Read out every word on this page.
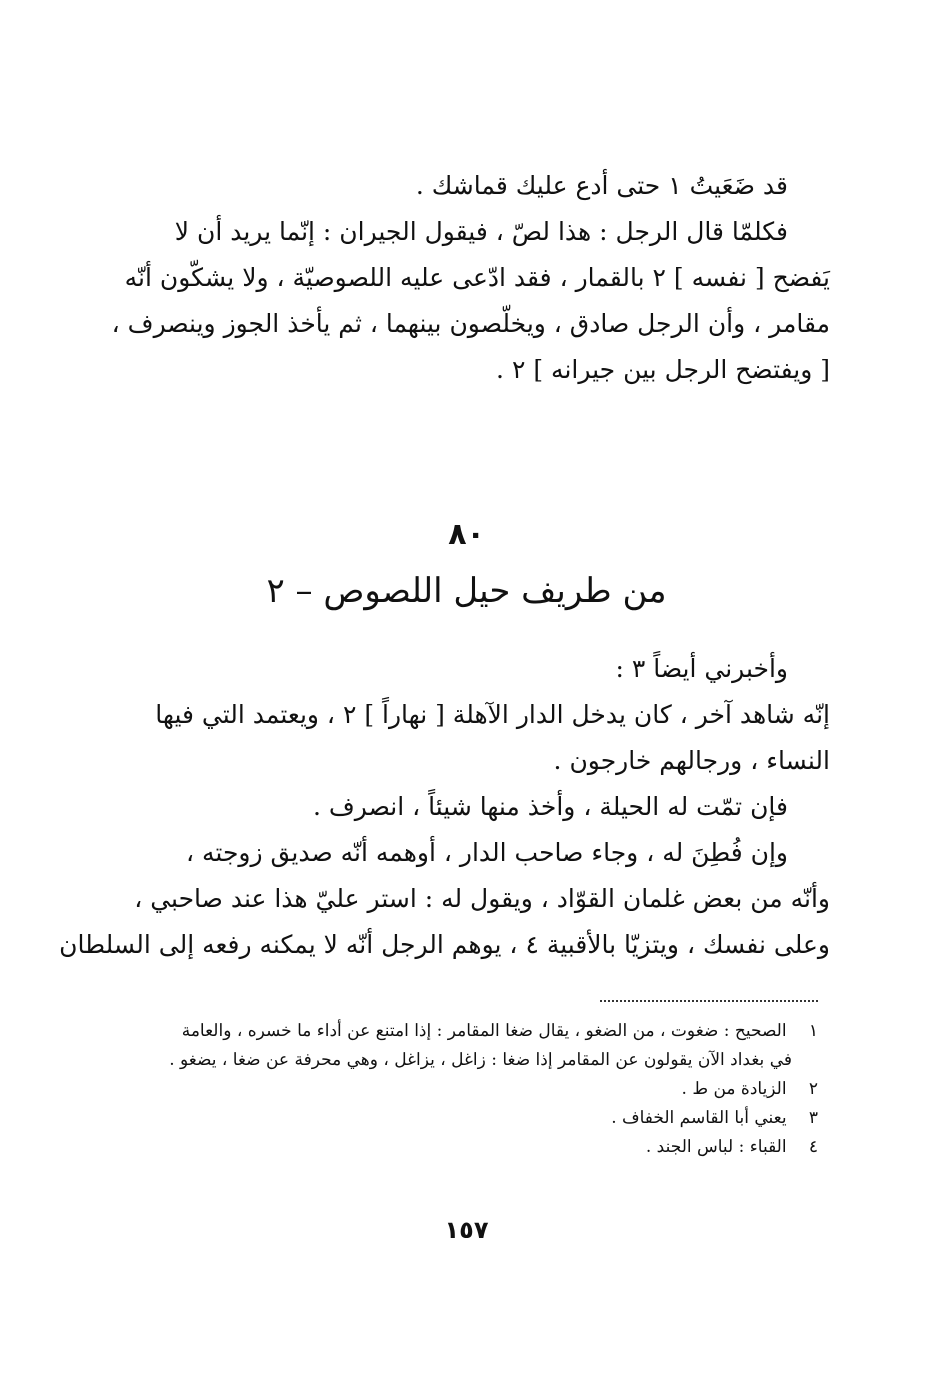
قد ضَعَيتُ ١ حتى أدع عليك قماشك .
فكلمّا قال الرجل : هذا لصّ ، فيقول الجيران : إنّما يريد أن لا
يَفضح [ نفسه ] ٢ بالقمار ، فقد ادّعى عليه اللصوصيّة ، ولا يشكّون أنّه
مقامر ، وأن الرجل صادق ، ويخلّصون بينهما ، ثم يأخذ الجوز وينصرف ،
[ ويفتضح الرجل بين جيرانه ] ٢ .
٨٠
من طريف حيل اللصوص – ٢
وأخبرني أيضاً ٣ :
إنّه شاهد آخر ، كان يدخل الدار الآهلة [ نهاراً ] ٢ ، ويعتمد التي فيها
النساء ، ورجالهم خارجون .
فإن تمّت له الحيلة ، وأخذ منها شيئاً ، انصرف .
وإن فُطِنَ له ، وجاء صاحب الدار ، أوهمه أنّه صديق زوجته ،
وأنّه من بعض غلمان القوّاد ، ويقول له : استر عليّ هذا عند صاحبي ،
وعلى نفسك ، ويتزيّا بالأقبية ٤ ، يوهم الرجل أنّه لا يمكنه رفعه إلى السلطان
١ الصحيح : ضغوت ، من الضغو ، يقال ضغا المقامر : إذا امتنع عن أداء ما خسره ، والعامة
في بغداد الآن يقولون عن المقامر إذا ضغا : زاغل ، يزاغل ، وهي محرفة عن ضغا ، يضغو .
٢ الزيادة من ط .
٣ يعني أبا القاسم الخفاف .
٤ القباء : لباس الجند .
١٥٧
